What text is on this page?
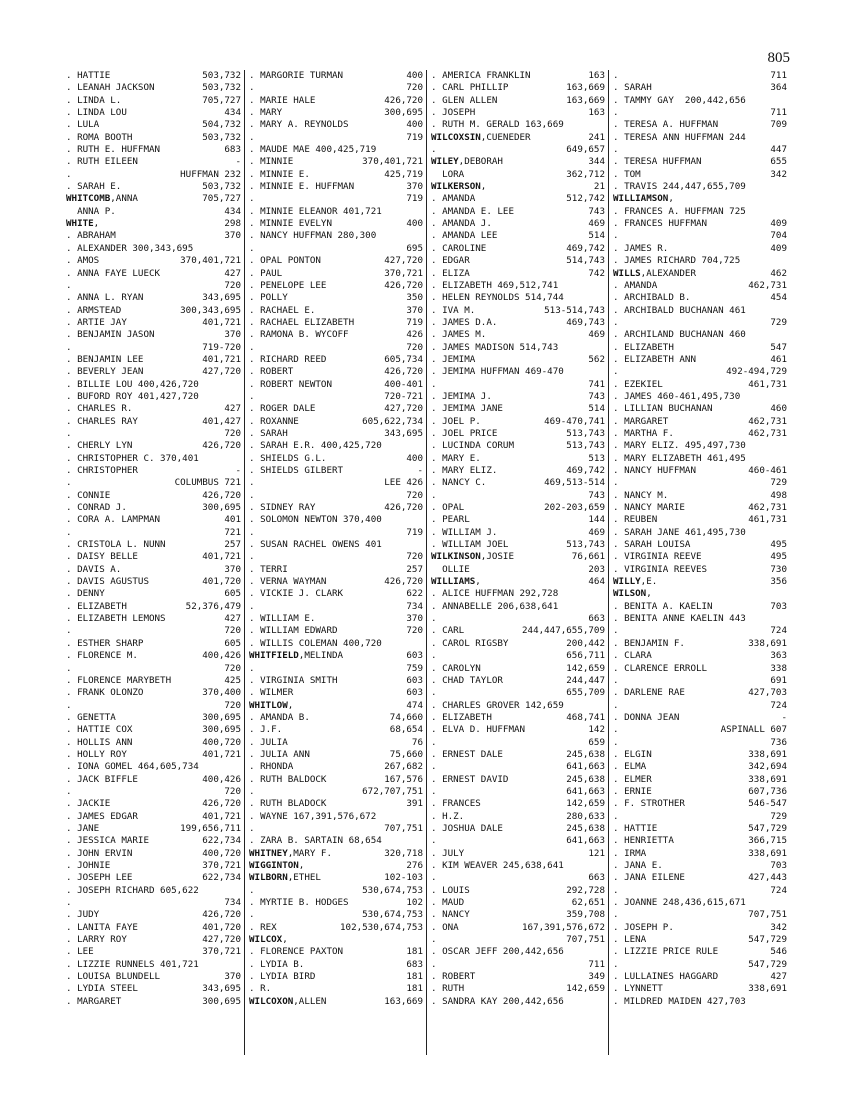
805
. HATTIE	503,732
. LEANAH JACKSON	503,732
. LINDA L.	705,727
. LINDA LOU	434
. LULA	504,732
. ROMA BOOTH	503,732
. RUTH E. HUFFMAN	683
. RUTH EILEEN	-
.	HUFFMAN 232
. SARAH E.	503,732
WHITCOMB,ANNA	705,727
ANNA P.	434
WHITE,	298
. ABRAHAM	370
. ALEXANDER 300,343,695
. AMOS	370,401,721
. ANNA FAYE LUECK	427
.	720
. ANNA L. RYAN	343,695
. ARMSTEAD	300,343,695
. ARTIE JAY	401,721
. BENJAMIN JASON	370
.	719-720
. BENJAMIN LEE	401,721
. BEVERLY JEAN	427,720
. BILLIE LOU 400,426,720
. BUFORD ROY 401,427,720
. CHARLES R.	427
. CHARLES RAY	401,427
.	720
. CHERLY LYN	426,720
. CHRISTOPHER C. 370,401
. CHRISTOPHER	-
.	COLUMBUS 721
. CONNIE	426,720
. CONRAD J.	300,695
. CORA A. LAMPMAN	401
.	721
. CRISTOLA L. NUNN	257
. DAISY BELLE	401,721
. DAVIS A.	370
. DAVIS AGUSTUS	401,720
. DENNY	605
. ELIZABETH	52,376,479
. ELIZABETH LEMONS	427
.	720
. ESTHER SHARP	605
. FLORENCE M.	400,426
.	720
. FLORENCE MARYBETH	425
. FRANK OLONZO	370,400
.	720
. GENETTA	300,695
. HATTIE COX	300,695
. HOLLIS ANN	400,720
. HOLLY ROY	401,721
. IONA GOMEL 464,605,734
. JACK BIFFLE	400,426
.	720
. JACKIE	426,720
. JAMES EDGAR	401,721
. JANE	199,656,711
. JESSICA MARIE	622,734
. JOHN ERVIN	400,720
. JOHNIE	370,721
. JOSEPH LEE	622,734
. JOSEPH RICHARD 605,622
.	734
. JUDY	426,720
. LANITA FAYE	401,720
. LARRY ROY	427,720
. LEE	370,721
. LIZZIE RUNNELS 401,721
. LOUISA BLUNDELL	370
. LYDIA STEEL	343,695
. MARGARET	300,695
. MARGORIE TURMAN	400
.	720
. MARIE HALE	426,720
. MARY	300,695
. MARY A. REYNOLDS	400
.	719
. MAUDE MAE 400,425,719
. MINNIE	370,401,721
. MINNIE E.	425,719
. MINNIE E. HUFFMAN	370
.	719
. MINNIE ELEANOR 401,721
. MINNIE EVELYN	400
. NANCY HUFFMAN 280,300
.	695
. OPAL PONTON	427,720
. PAUL	370,721
. PENELOPE LEE	426,720
. POLLY	350
. RACHAEL E.	370
. RACHAEL ELIZABETH	719
. RAMONA B. WYCOFF	426
.	720
. RICHARD REED	605,734
. ROBERT	426,720
. ROBERT NEWTON	400-401
.	720-721
. ROGER DALE	427,720
. ROXANNE	605,622,734
. SARAH	343,695
. SARAH E.R. 400,425,720
. SHIELDS G.L.	400
. SHIELDS GILBERT	-
.	LEE 426
.	720
. SIDNEY RAY	426,720
. SOLOMON NEWTON 370,400
.	719
. SUSAN RACHEL OWENS 401
.	720
. TERRI	257
. VERNA WAYMAN	426,720
. VICKIE J. CLARK	622
.	734
. WILLIAM E.	370
. WILLIAM EDWARD	720
. WILLIS COLEMAN 400,720
WHITFIELD,MELINDA	603
.	759
. VIRGINIA SMITH	603
. WILMER	603
WHITLOW,	474
. AMANDA B.	74,660
. J.F.	68,654
. JULIA	76
. JULIA ANN	75,660
. RHONDA	267,682
. RUTH BALDOCK	167,576
.	672,707,751
. RUTH BLADOCK	391
. WAYNE 167,391,576,672
.	707,751
. ZARA B. SARTAIN 68,654
WHITNEY,MARY F.	320,718
WIGGINTON,	276
WILBORN,ETHEL	102-103
.	530,674,753
. MYRTIE B. HODGES	102
.	530,674,753
. REX	102,530,674,753
WILCOX,
. FLORENCE PAXTON	181
. LYDIA B.	683
. LYDIA BIRD	181
. R.	181
WILCOXON,ALLEN	163,669
. AMERICA FRANKLIN	163
. CARL PHILLIP	163,669
. GLEN ALLEN	163,669
. JOSEPH	163
. RUTH M. GERALD 163,669
WILCOXSIN,CUENEDER	241
.	649,657
WILEY,DEBORAH	344
LORA	362,712
WILKERSON,	21
. AMANDA	512,742
. AMANDA E. LEE	743
. AMANDA J.	469
. AMANDA LEE	514
. CAROLINE	469,742
. EDGAR	514,743
. ELIZA	742
. ELIZABETH 469,512,741
. HELEN REYNOLDS 514,744
. IVA M.	513-514,743
. JAMES D.A.	469,743
. JAMES M.	469
. JAMES MADISON 514,743
. JEMIMA	562
. JEMIMA HUFFMAN 469-470
.	741
. JEMIMA J.	743
. JEMIMA JANE	514
. JOEL P.	469-470,741
. JOEL PRICE	513,743
. LUCINDA CORUM	513,743
. MARY E.	513
. MARY ELIZ.	469,742
. NANCY C.	469,513-514
.	743
. OPAL	202-203,659
. PEARL	144
. WILLIAM J.	469
. WILLIAM JOEL	513,743
WILKINSON,JOSIE	76,661
OLLIE	203
WILLIAMS,	464
. ALICE HUFFMAN 292,728
. ANNABELLE 206,638,641
.	663
. CARL	244,447,655,709
. CAROL RIGSBY	200,442
.	656,711
. CAROLYN	142,659
. CHAD TAYLOR	244,447
.	655,709
. CHARLES GROVER 142,659
. ELIZABETH	468,741
. ELVA D. HUFFMAN	142
.	659
. ERNEST DALE	245,638
.	641,663
. ERNEST DAVID	245,638
.	641,663
. FRANCES	142,659
. H.Z.	280,633
. JOSHUA DALE	245,638
.	641,663
. JULY	121
. KIM WEAVER 245,638,641
.	663
. LOUIS	292,728
. MAUD	62,651
. NANCY	359,708
. ONA	167,391,576,672
.	707,751
. OSCAR JEFF 200,442,656
.	711
. ROBERT	349
. RUTH	142,659
. SANDRA KAY 200,442,656
.	711
. SARAH	364
. TAMMY GAY  200,442,656
.	711
. TERESA A. HUFFMAN	709
. TERESA ANN HUFFMAN 244
.	447
. TERESA HUFFMAN	655
. TOM	342
. TRAVIS 244,447,655,709
WILLIAMSON,
. FRANCES A. HUFFMAN 725
. FRANCES HUFFMAN	409
.	704
. JAMES R.	409
. JAMES RICHARD 704,725
WILLS,ALEXANDER	462
. AMANDA	462,731
. ARCHIBALD B.	454
. ARCHIBALD BUCHANAN 461
.	729
. ARCHILAND BUCHANAN 460
. ELIZABETH	547
. ELIZABETH ANN	461
.	492-494,729
. EZEKIEL	461,731
. JAMES 460-461,495,730
. LILLIAN BUCHANAN	460
. MARGARET	462,731
. MARTHA F.	462,731
. MARY ELIZ. 495,497,730
. MARY ELIZABETH 461,495
. NANCY HUFFMAN	460-461
.	729
. NANCY M.	498
. NANCY MARIE	462,731
. REUBEN	461,731
. SARAH JANE 461,495,730
. SARAH LOUISA	495
. VIRGINIA REEVE	495
. VIRGINIA REEVES	730
WILLY,E.	356
WILSON,
. BENITA A. KAELIN	703
. BENITA ANNE KAELIN 443
.	724
. BENJAMIN F.	338,691
. CLARA	363
. CLARENCE ERROLL	338
.	691
. DARLENE RAE	427,703
.	724
. DONNA JEAN	-
.	ASPINALL 607
.	736
. ELGIN	338,691
. ELMA	342,694
. ELMER	338,691
. ERNIE	607,736
. F. STROTHER	546-547
.	729
. HATTIE	547,729
. HENRIETTA	366,715
. IRMA	338,691
. JANA E.	703
. JANA EILENE	427,443
.	724
. JOANNE 248,436,615,671
.	707,751
. JOSEPH P.	342
. LENA	547,729
. LIZZIE PRICE RULE	546
.	547,729
. LULLAINES HAGGARD	427
. LYNNETT	338,691
. MILDRED MAIDEN 427,703
